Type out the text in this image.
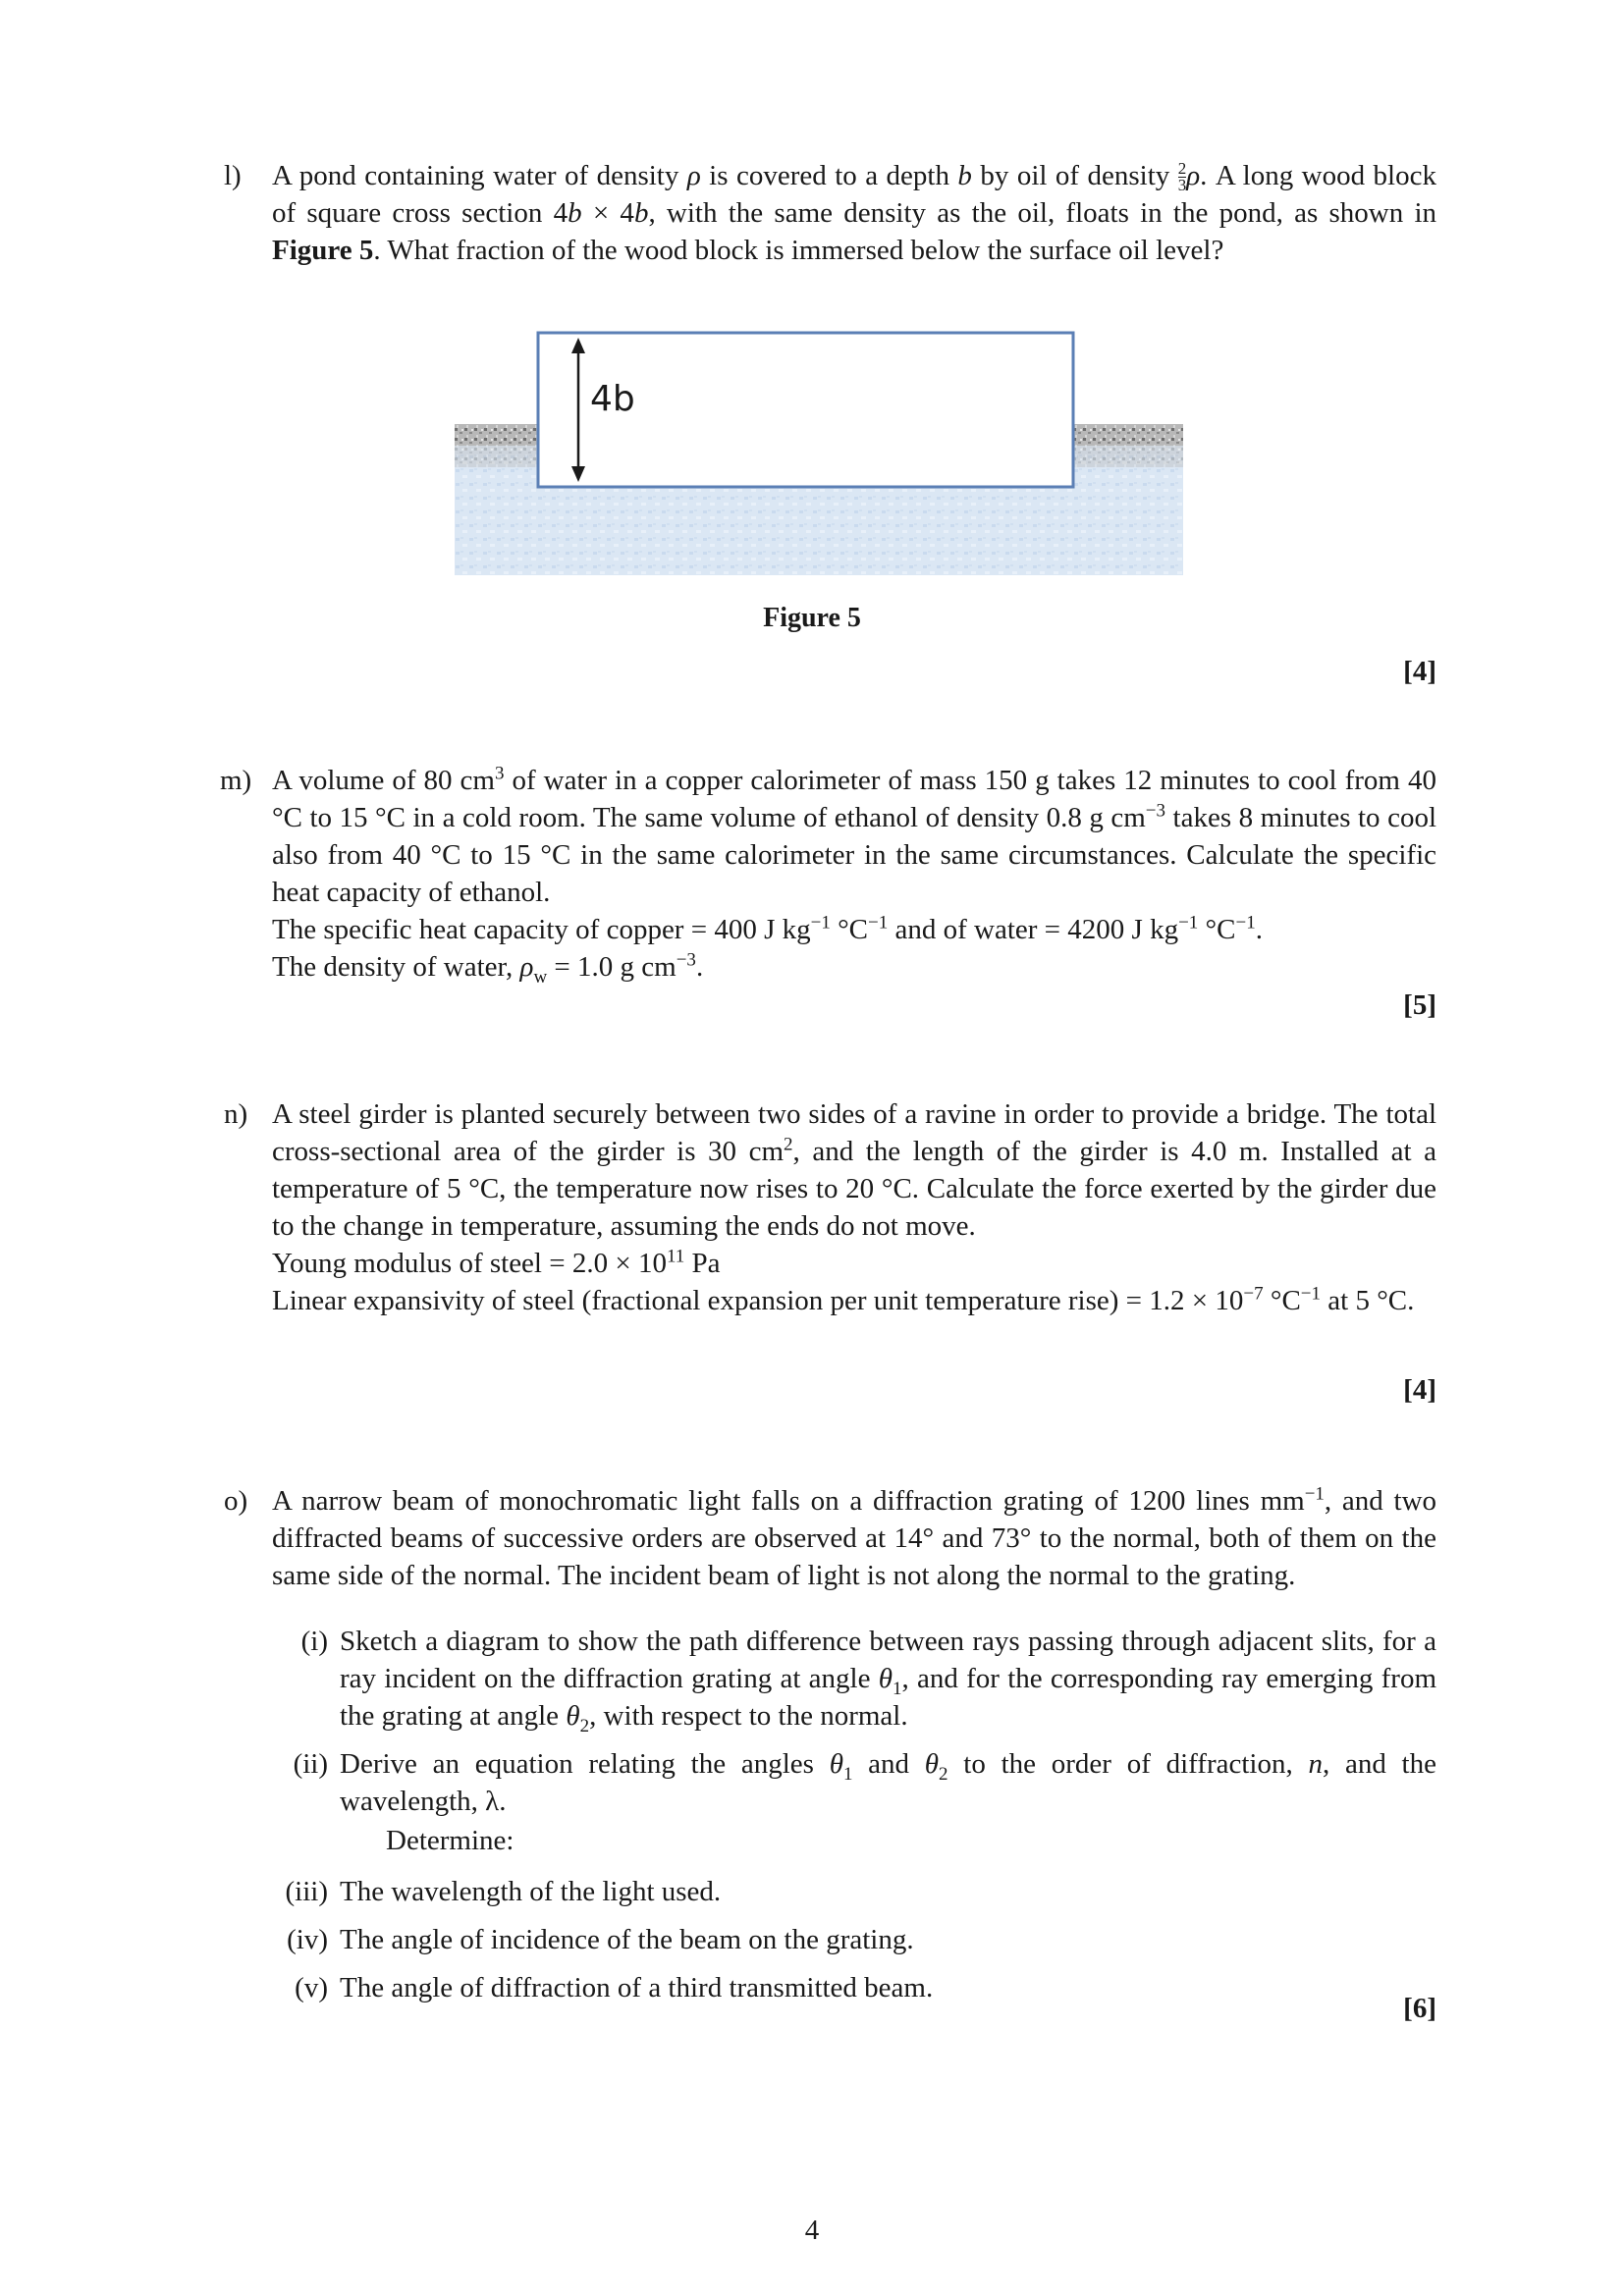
l) A pond containing water of density ρ is covered to a depth b by oil of density $\frac{2}{3} \rho$. A long wood block of square cross section 4b × 4b, with the same density as the oil, floats in the pond, as shown in Figure 5. What fraction of the wood block is immersed below the surface oil level?

4b
Figure 5
[4]
m) A volume of 80 $cm^3$ of water in a copper calorimeter of mass 150 g takes 12 minutes to cool from 40 °C to 15 °C in a cold room. The same volume of ethanol of density 0.8 g $cm^{-3}$ takes 8 minutes to cool also from 40 °C to 15 °C in the same calorimeter in the same circumstances. Calculate the specific heat capacity of ethanol.

The specific heat capacity of copper = 400 J $kg^{-1}$ $^\circ C^{-1}$ and of water = 4200 J $kg^{-1}$ $^\circ C^{-1}$.

The density of water, $\rho_w = 1.0$ g $cm^{-3}$.

[5]
n) A steel girder is planted securely between two sides of a ravine in order to provide a bridge. The total cross-sectional area of the girder is 30 $cm^2$, and the length of the girder is 4.0 m. Installed at a temperature of 5 °C, the temperature now rises to 20 °C. Calculate the force exerted by the girder due to the change in temperature, assuming the ends do not move.

Young modulus of steel = $2.0 \times 10^{11}$ Pa

Linear expansivity of steel (fractional expansion per unit temperature rise) = $1.2 \times 10^{-7}$ $^\circ C^{-1}$ at 5 °C.

[4]
o) A narrow beam of monochromatic light falls on a diffraction grating of 1200 lines $mm^{-1}$, and two diffracted beams of successive orders are observed at 14° and 73° to the normal, both of them on the same side of the normal. The incident beam of light is not along the normal to the grating.

(i) Sketch a diagram to show the path difference between rays passing through adjacent slits, for a ray incident on the diffraction grating at angle $\theta_1$, and for the corresponding ray emerging from the grating at angle $\theta_2$, with respect to the normal.

(ii) Derive an equation relating the angles $\theta_1$ and $\theta_2$ to the order of diffraction, n, and the wavelength, λ.

Determine:
(iii) The wavelength of the light used.

(iv) The angle of incidence of the beam on the grating.

(v) The angle of diffraction of a third transmitted beam.

[6]
4
